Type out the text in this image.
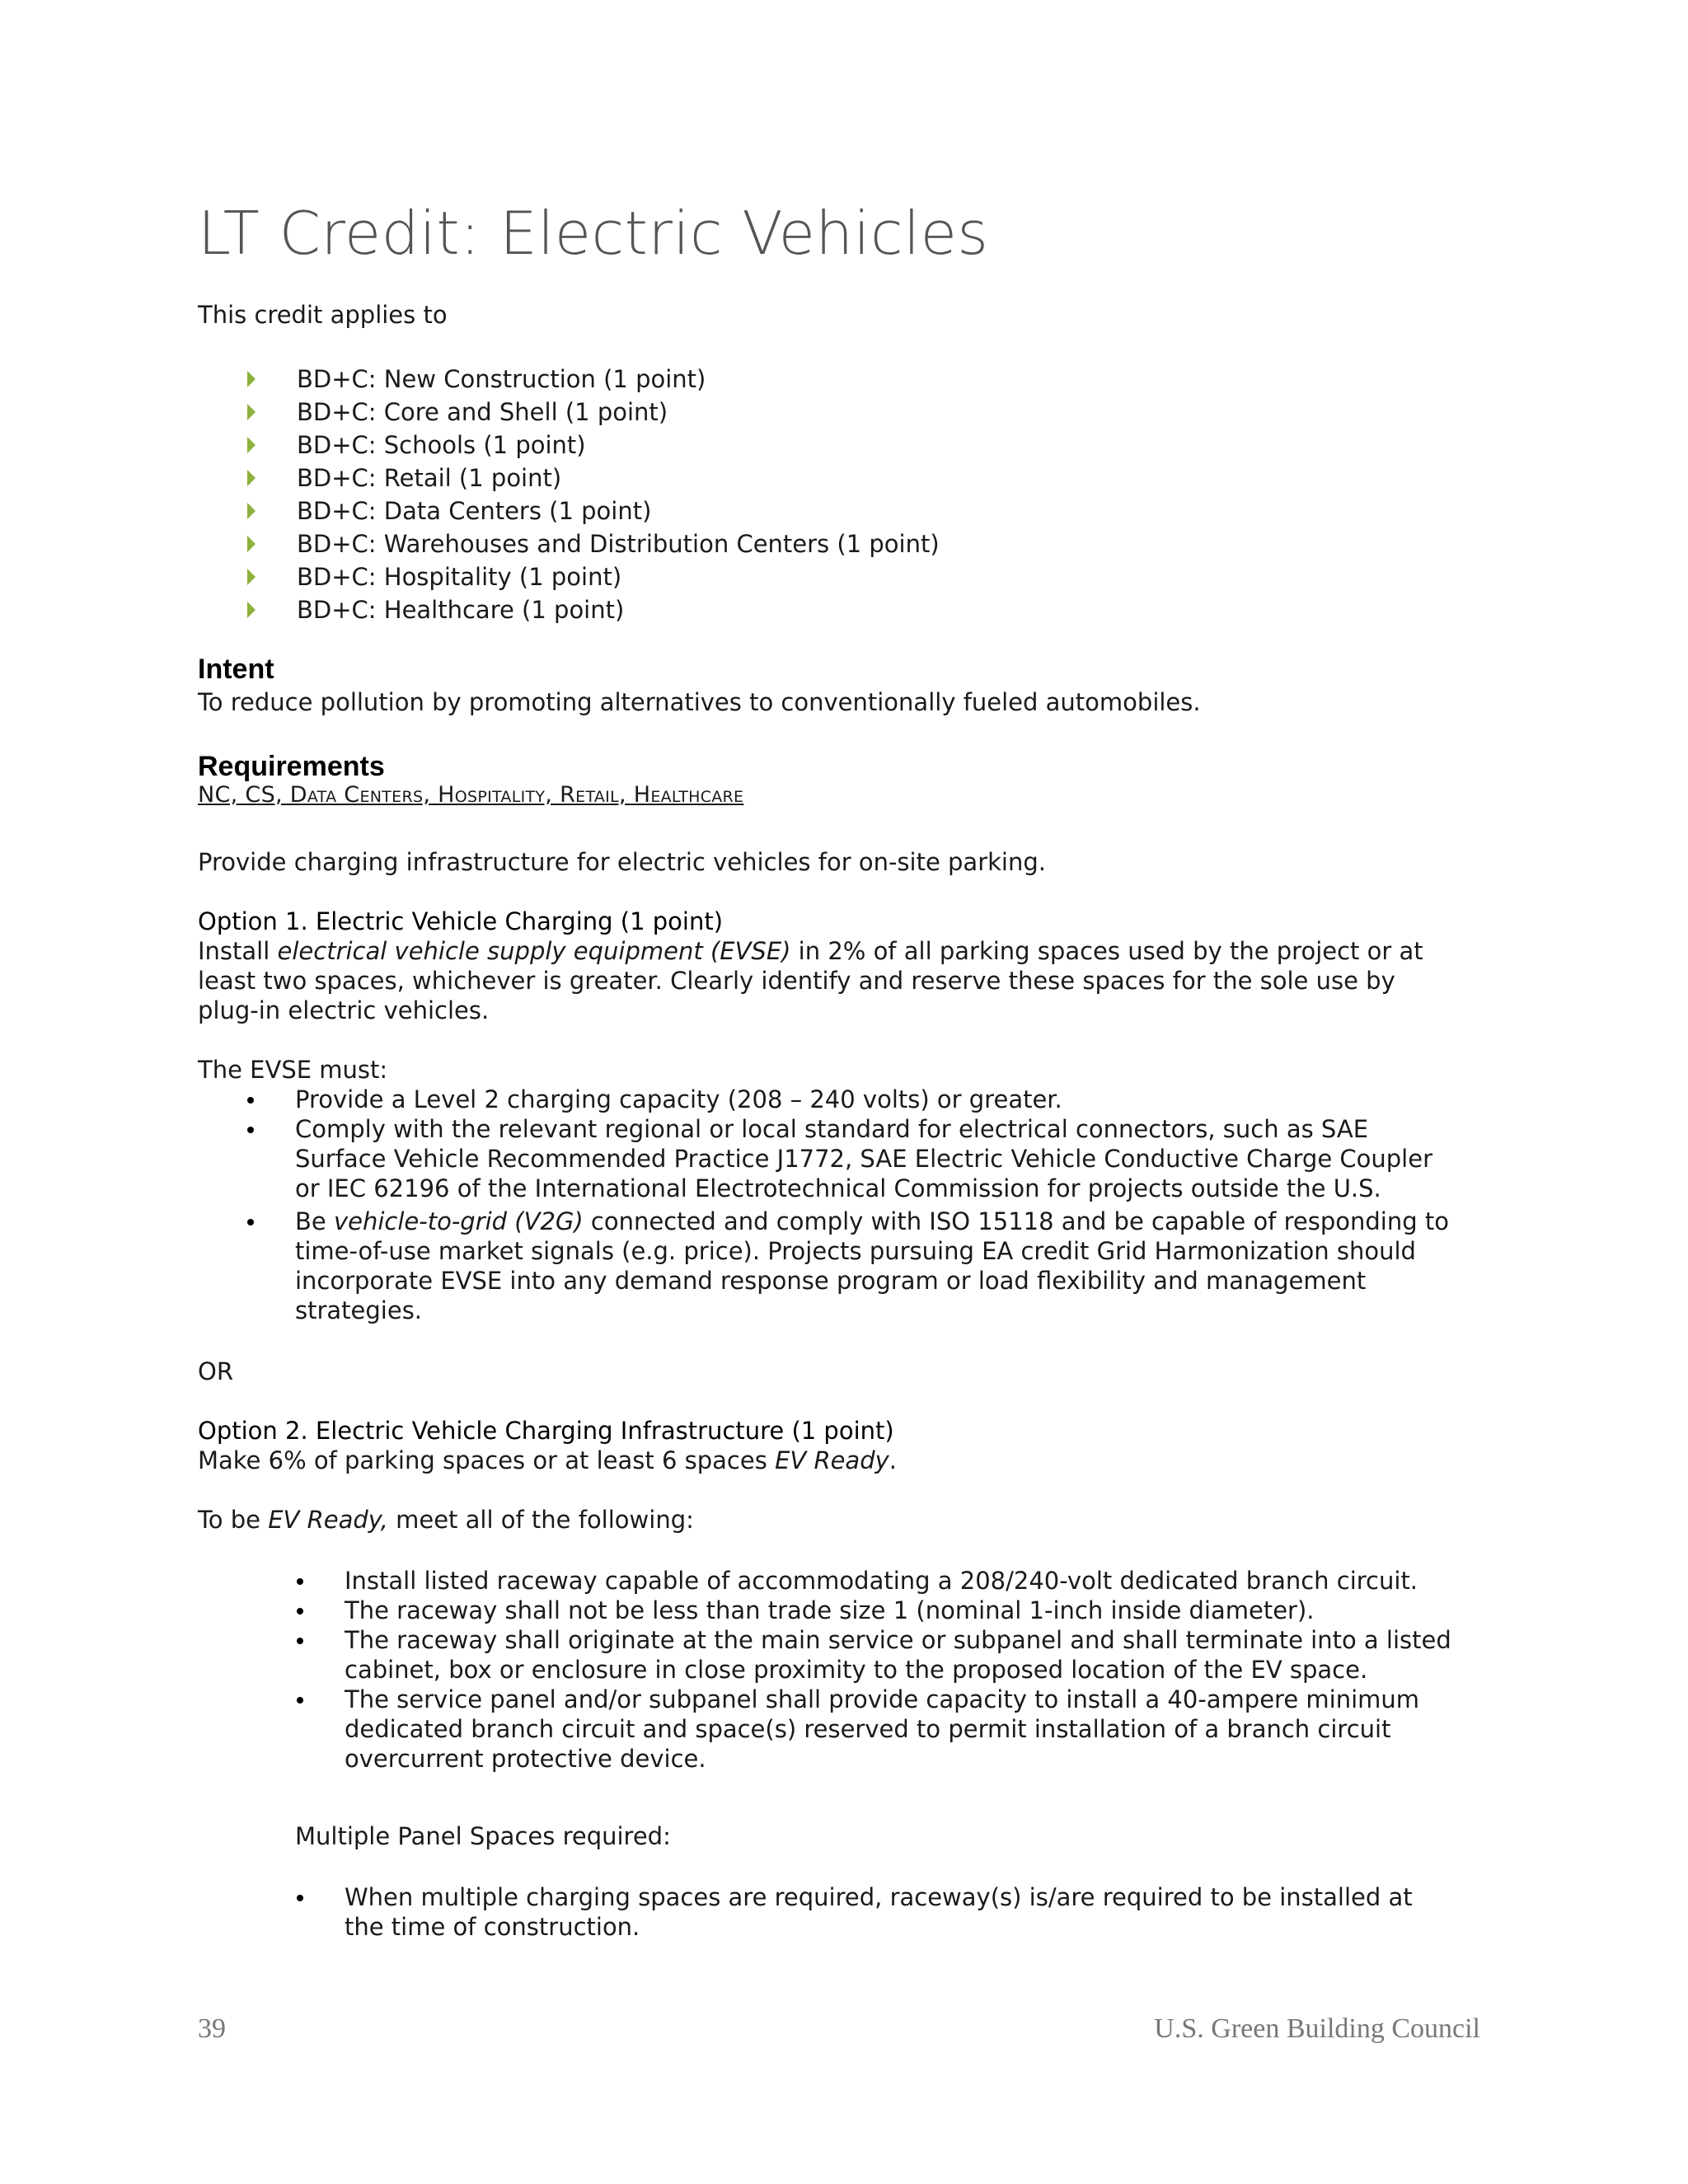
LT Credit: Electric Vehicles

This credit applies to

BD+C: New Construction (1 point)
BD+C: Core and Shell (1 point)
BD+C: Schools (1 point)
BD+C: Retail (1 point)
BD+C: Data Centers (1 point)
BD+C: Warehouses and Distribution Centers (1 point)
BD+C: Hospitality (1 point)
BD+C: Healthcare (1 point)
Intent

To reduce pollution by promoting alternatives to conventionally fueled automobiles.

Requirements

NC, CS, Data Centers, Hospitality, Retail, Healthcare

Provide charging infrastructure for electric vehicles for on-site parking.

Option 1. Electric Vehicle Charging (1 point)

Install electrical vehicle supply equipment (EVSE) in 2% of all parking spaces used by the project or at
least two spaces, whichever is greater. Clearly identify and reserve these spaces for the sole use by
plug-in electric vehicles.

The EVSE must:

Provide a Level 2 charging capacity (208 – 240 volts) or greater.
Comply with the relevant regional or local standard for electrical connectors, such as SAE
Surface Vehicle Recommended Practice J1772, SAE Electric Vehicle Conductive Charge Coupler
or IEC 62196 of the International Electrotechnical Commission for projects outside the U.S.
Be vehicle-to-grid (V2G) connected and comply with ISO 15118 and be capable of responding to
time-of-use market signals (e.g. price). Projects pursuing EA credit Grid Harmonization should
incorporate EVSE into any demand response program or load flexibility and management
strategies.

OR

Option 2. Electric Vehicle Charging Infrastructure (1 point)

Make 6% of parking spaces or at least 6 spaces EV Ready.

To be EV Ready, meet all of the following:

Install listed raceway capable of accommodating a 208/240-volt dedicated branch circuit.
The raceway shall not be less than trade size 1 (nominal 1-inch inside diameter).
The raceway shall originate at the main service or subpanel and shall terminate into a listed
cabinet, box or enclosure in close proximity to the proposed location of the EV space.
The service panel and/or subpanel shall provide capacity to install a 40-ampere minimum
dedicated branch circuit and space(s) reserved to permit installation of a branch circuit
overcurrent protective device.

Multiple Panel Spaces required:

When multiple charging spaces are required, raceway(s) is/are required to be installed at
the time of construction.

39	U.S. Green Building Council
